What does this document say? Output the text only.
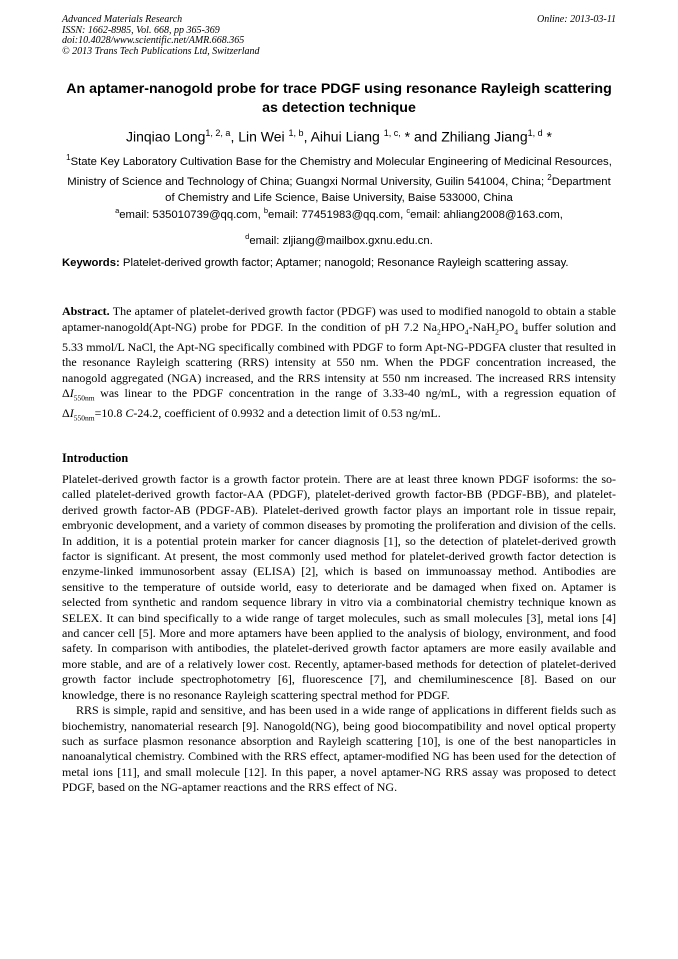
Advanced Materials Research
ISSN: 1662-8985, Vol. 668, pp 365-369
doi:10.4028/www.scientific.net/AMR.668.365
© 2013 Trans Tech Publications Ltd, Switzerland
Online: 2013-03-11
An aptamer-nanogold probe for trace PDGF using resonance Rayleigh scattering as detection technique
Jinqiao Long$^{1, 2, a}$, Lin Wei $^{1, b}$, Aihui Liang $^{1, c,}$ * and Zhiliang Jiang$^{1, d}$ *
$^1$State Key Laboratory Cultivation Base for the Chemistry and Molecular Engineering of Medicinal Resources, Ministry of Science and Technology of China; Guangxi Normal University, Guilin 541004, China; $^2$Department of Chemistry and Life Science, Baise University, Baise 533000, China
$^a$email: 535010739@qq.com, $^b$email: 77451983@qq.com, $^c$email: ahliang2008@163.com,
$^d$email: zljiang@mailbox.gxnu.edu.cn.
Keywords: Platelet-derived growth factor; Aptamer; nanogold; Resonance Rayleigh scattering assay.
Abstract. The aptamer of platelet-derived growth factor (PDGF) was used to modified nanogold to obtain a stable aptamer-nanogold(Apt-NG) probe for PDGF. In the condition of pH 7.2 $Na_2HPO_4-NaH_2PO_4$ buffer solution and 5.33 mmol/L NaCl, the Apt-NG specifically combined with PDGF to form Apt-NG-PDGFA cluster that resulted in the resonance Rayleigh scattering (RRS) intensity at 550 nm. When the PDGF concentration increased, the nanogold aggregated (NGA) increased, and the RRS intensity at 550 nm increased. The increased RRS intensity $\Delta I_{550nm}$ was linear to the PDGF concentration in the range of 3.33-40 ng/mL, with a regression equation of $\Delta I_{550nm}=10.8$ C-24.2, coefficient of 0.9932 and a detection limit of 0.53 ng/mL.
Introduction

Platelet-derived growth factor is a growth factor protein. There are at least three known PDGF isoforms: the so-called platelet-derived growth factor-AA (PDGF), platelet-derived growth factor-BB (PDGF-BB), and platelet-derived growth factor-AB (PDGF-AB). Platelet-derived growth factor plays an important role in tissue repair, embryonic development, and a variety of common diseases by promoting the proliferation and division of the cells. In addition, it is a potential protein marker for cancer diagnosis [1], so the detection of platelet-derived growth factor is significant. At present, the most commonly used method for platelet-derived growth factor detection is enzyme-linked immunosorbent assay (ELISA) [2], which is based on immunoassay method. Antibodies are sensitive to the temperature of outside world, easy to deteriorate and be damaged when fixed on. Aptamer is selected from synthetic and random sequence library in vitro via a combinatorial chemistry technique known as SELEX. It can bind specifically to a wide range of target molecules, such as small molecules [3], metal ions [4] and cancer cell [5]. More and more aptamers have been applied to the analysis of biology, environment, and food safety. In comparison with antibodies, the platelet-derived growth factor aptamers are more easily available and more stable, and are of a relatively lower cost. Recently, aptamer-based methods for detection of platelet-derived growth factor include spectrophotometry [6], fluorescence [7], and chemiluminescence [8]. Based on our knowledge, there is no resonance Rayleigh scattering spectral method for PDGF.

RRS is simple, rapid and sensitive, and has been used in a wide range of applications in different fields such as biochemistry, nanomaterial research [9]. Nanogold(NG), being good biocompatibility and novel optical property such as surface plasmon resonance absorption and Rayleigh scattering [10], is one of the best nanoparticles in nanoanalytical chemistry. Combined with the RRS effect, aptamer-modified NG has been used for the detection of metal ions [11], and small molecule [12]. In this paper, a novel aptamer-NG RRS assay was proposed to detect PDGF, based on the NG-aptamer reactions and the RRS effect of NG.
